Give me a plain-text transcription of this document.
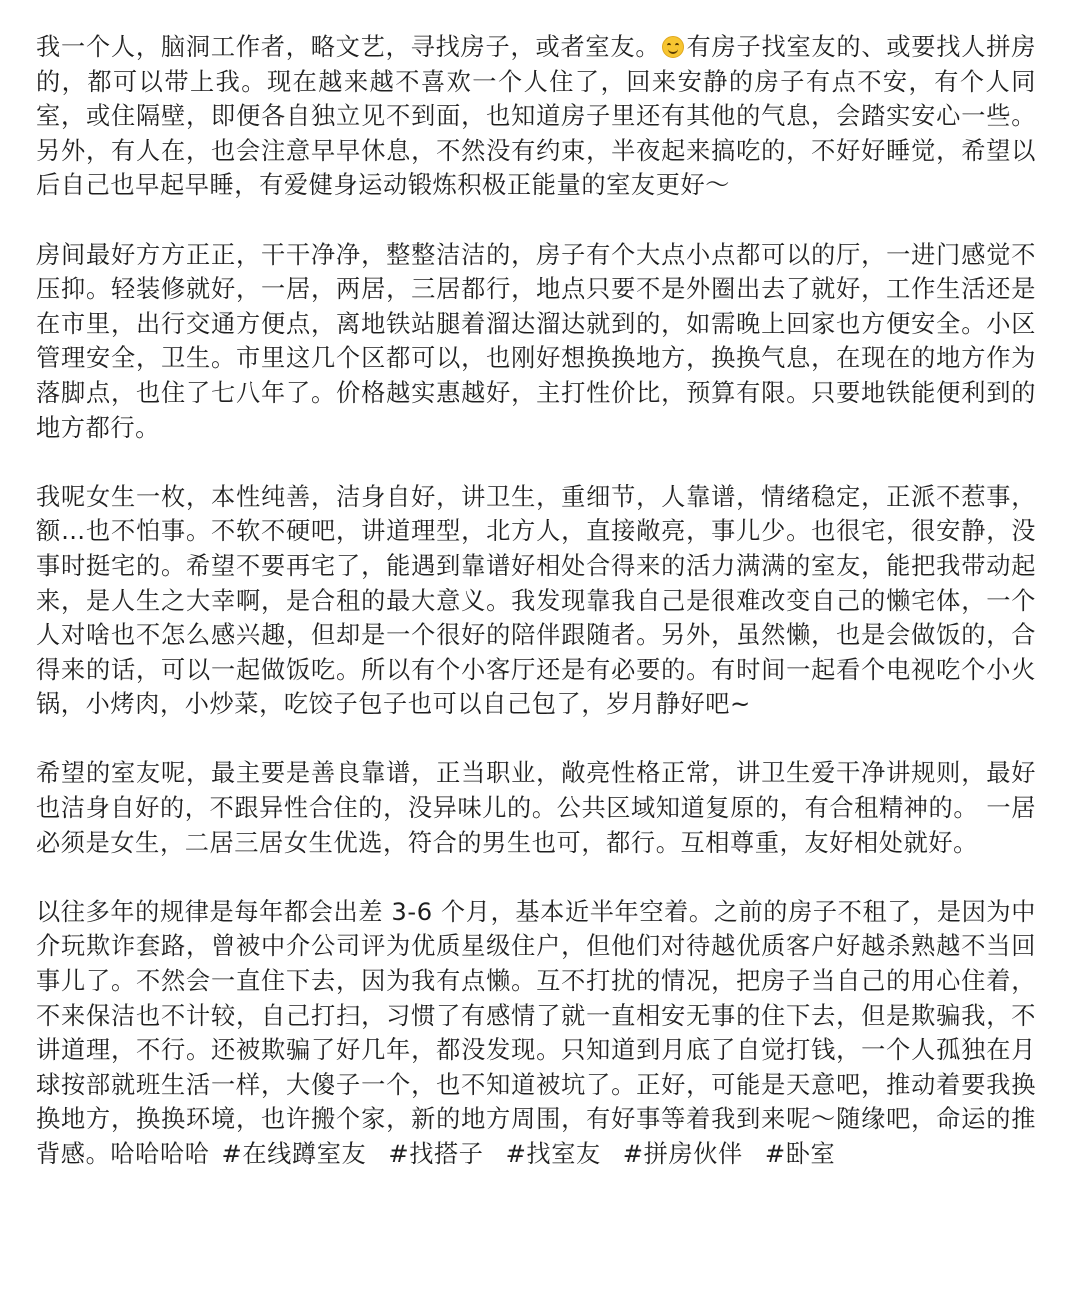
我一个人，脑洞工作者，略文艺，寻找房子，或者室友。 有房子找室友的、或要找人拼房的，都可以带上我。现在越来越不喜欢一个人住了，回来安静的房子有点不安，有个人同室，或住隔壁，即便各自独立见不到面，也知道房子里还有其他的气息，会踏实安心一些。另外，有人在，也会注意早早休息，不然没有约束，半夜起来搞吃的，不好好睡觉，希望以后自己也早起早睡，有爱健身运动锻炼积极正能量的室友更好～

房间最好方方正正，干干净净，整整洁洁的，房子有个大点小点都可以的厅，一进门感觉不压抑。轻装修就好，一居，两居，三居都行，地点只要不是外圈出去了就好，工作生活还是在市里，出行交通方便点，离地铁站腿着溜达溜达就到的，如需晚上回家也方便安全。小区管理安全，卫生。市里这几个区都可以，也刚好想换换地方，换换气息，在现在的地方作为落脚点，也住了七八年了。价格越实惠越好，主打性价比，预算有限。只要地铁能便利到的地方都行。

我呢女生一枚，本性纯善，洁身自好，讲卫生，重细节，人靠谱，情绪稳定，正派不惹事，额…也不怕事。不软不硬吧，讲道理型，北方人，直接敞亮，事儿少。也很宅，很安静，没事时挺宅的。希望不要再宅了，能遇到靠谱好相处合得来的活力满满的室友，能把我带动起来，是人生之大幸啊，是合租的最大意义。我发现靠我自己是很难改变自己的懒宅体，一个人对啥也不怎么感兴趣，但却是一个很好的陪伴跟随者。另外，虽然懒，也是会做饭的，合得来的话，可以一起做饭吃。所以有个小客厅还是有必要的。有时间一起看个电视吃个小火锅，小烤肉，小炒菜，吃饺子包子也可以自己包了，岁月静好吧~

希望的室友呢，最主要是善良靠谱，正当职业，敞亮性格正常，讲卫生爱干净讲规则，最好也洁身自好的，不跟异性合住的，没异味儿的。公共区域知道复原的，有合租精神的。 一居必须是女生，二居三居女生优选，符合的男生也可，都行。互相尊重，友好相处就好。

以往多年的规律是每年都会出差 3-6 个月，基本近半年空着。之前的房子不租了，是因为中介玩欺诈套路，曾被中介公司评为优质星级住户，但他们对待越优质客户好越杀熟越不当回事儿了。不然会一直住下去，因为我有点懒。互不打扰的情况，把房子当自己的用心住着，不来保洁也不计较，自己打扫，习惯了有感情了就一直相安无事的住下去，但是欺骗我，不讲道理，不行。还被欺骗了好几年，都没发现。只知道到月底了自觉打钱，一个人孤独在月球按部就班生活一样，大傻子一个，也不知道被坑了。正好，可能是天意吧，推动着要我换换地方，换换环境，也许搬个家，新的地方周围，有好事等着我到来呢～随缘吧，命运的推背感。哈哈哈哈 #在线蹲室友 #找搭子 #找室友 #拼房伙伴 #卧室
